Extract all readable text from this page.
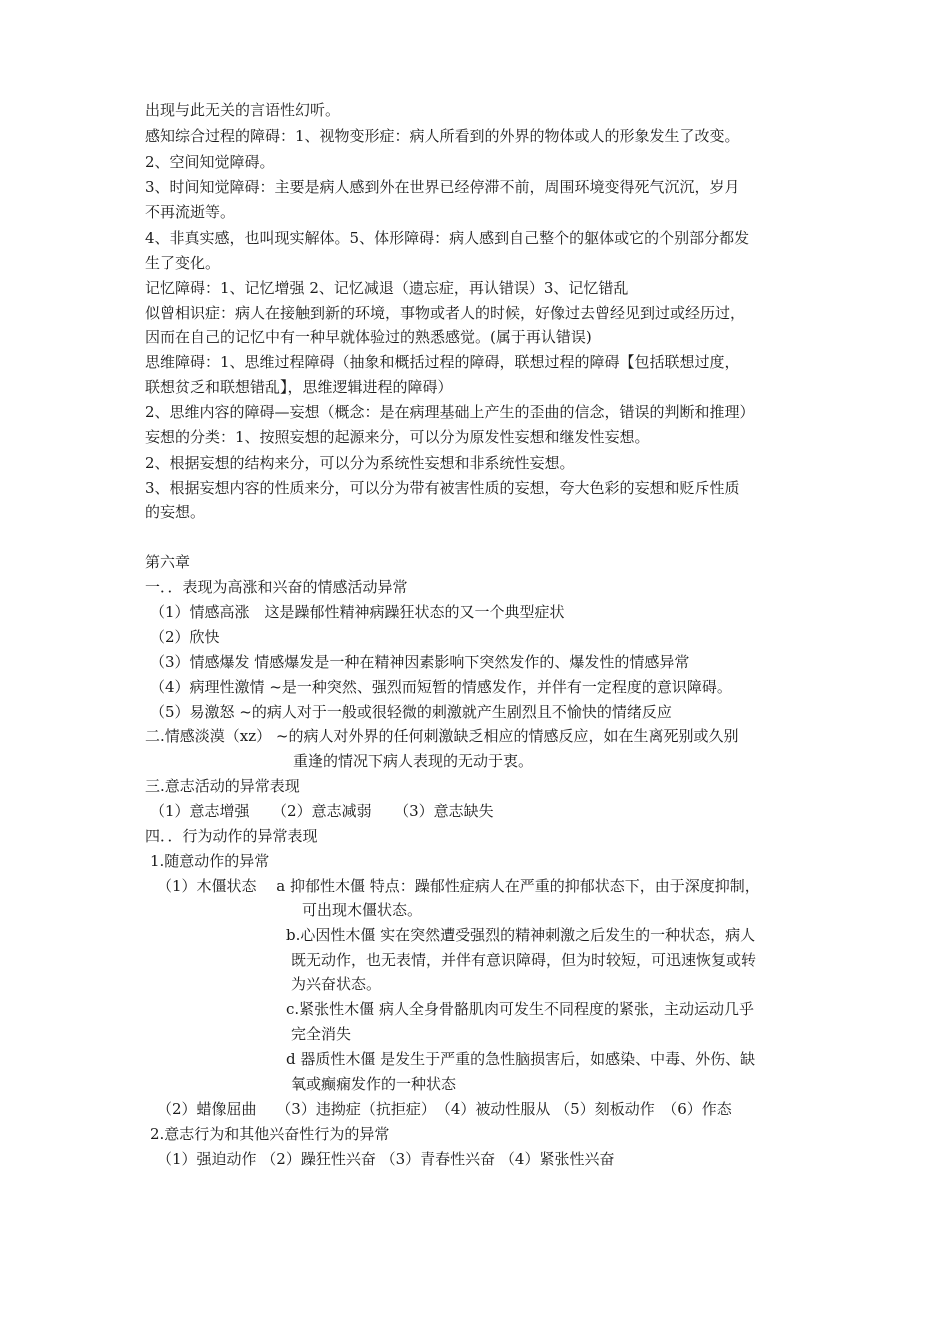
出现与此无关的言语性幻听。
感知综合过程的障碍：1、视物变形症：病人所看到的外界的物体或人的形象发生了改变。
2、空间知觉障碍。
3、时间知觉障碍：主要是病人感到外在世界已经停滞不前，周围环境变得死气沉沉，岁月
不再流逝等。
4、非真实感，也叫现实解体。5、体形障碍：病人感到自己整个的躯体或它的个别部分都发
生了变化。
记忆障碍：1、记忆增强 2、记忆减退（遗忘症，再认错误）3、记忆错乱
似曾相识症：病人在接触到新的环境，事物或者人的时候，好像过去曾经见到过或经历过，
因而在自己的记忆中有一种早就体验过的熟悉感觉。(属于再认错误)
思维障碍：1、思维过程障碍（抽象和概括过程的障碍，联想过程的障碍【包括联想过度，
联想贫乏和联想错乱】，思维逻辑进程的障碍）
2、思维内容的障碍—妄想（概念：是在病理基础上产生的歪曲的信念，错误的判断和推理）
妄想的分类：1、按照妄想的起源来分，可以分为原发性妄想和继发性妄想。
2、根据妄想的结构来分，可以分为系统性妄想和非系统性妄想。
3、根据妄想内容的性质来分，可以分为带有被害性质的妄想，夸大色彩的妄想和贬斥性质
的妄想。
第六章
一．．表现为高涨和兴奋的情感活动异常
（1）情感高涨　这是躁郁性精神病躁狂状态的又一个典型症状
（2）欣快
（3）情感爆发 情感爆发是一种在精神因素影响下突然发作的、爆发性的情感异常
（4）病理性激情 ~是一种突然、强烈而短暂的情感发作，并伴有一定程度的意识障碍。
（5）易激怒 ~的病人对于一般或很轻微的刺激就产生剧烈且不愉快的情绪反应
二.情感淡漠（xz） ~的病人对外界的任何刺激缺乏相应的情感反应，如在生离死别或久别
重逢的情况下病人表现的无动于衷。
三.意志活动的异常表现
（1）意志增强　　（2）意志减弱　　（3）意志缺失
四．．行为动作的异常表现
1.随意动作的异常
（1）木僵状态　 a 抑郁性木僵 特点：躁郁性症病人在严重的抑郁状态下，由于深度抑制，
可出现木僵状态。
b.心因性木僵 实在突然遭受强烈的精神刺激之后发生的一种状态，病人
既无动作，也无表情，并伴有意识障碍，但为时较短，可迅速恢复或转
为兴奋状态。
c.紧张性木僵 病人全身骨骼肌肉可发生不同程度的紧张，主动运动几乎
完全消失
d 器质性木僵 是发生于严重的急性脑损害后，如感染、中毒、外伤、缺
氧或癫痫发作的一种状态
（2）蜡像屈曲　 （3）违拗症（抗拒症）　（4）被动性服从 （5）刻板动作　（6）作态
2.意志行为和其他兴奋性行为的异常
（1）强迫动作 （2）躁狂性兴奋 （3）青春性兴奋 （4）紧张性兴奋
